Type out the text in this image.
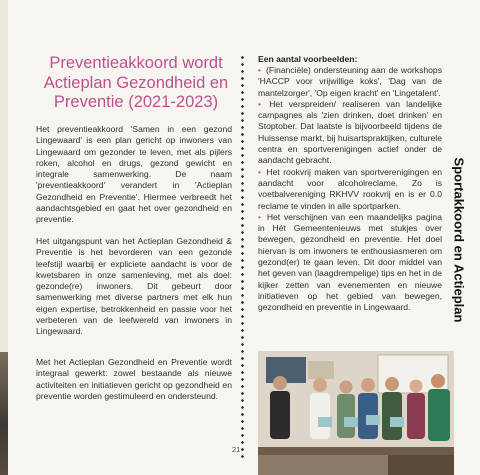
Preventieakkoord wordt Actieplan Gezondheid en Preventie (2021-2023)

Het preventieakkoord 'Samen in een gezond Lingewaard' is een plan gericht op inwoners van Lingewaard om gezonder te leven, met als pijlers roken, alcohol en drugs, gezond gewicht en integrale samenwerking. De naam 'preventieakkoord' verandert in 'Actieplan Gezondheid en Preventie'. Hiermee verbreedt het aandachtsgebied en gaat het over gezondheid en preventie.

Het uitgangspunt van het Actieplan Gezondheid & Preventie is het bevorderen van een gezonde leefstijl waarbij er expliciete aandacht is voor de kwetsbaren in onze samenleving, met als doel: gezonde(re) inwoners. Dit gebeurt door samenwerking met diverse partners met elk hun eigen expertise, betrokkenheid en passie voor het verbeteren van de leefwereld van inwoners in Lingewaard.

Met het Actieplan Gezondheid en Preventie wordt integraal gewerkt: zowel bestaande als nieuwe activiteiten en initiatieven gericht op gezondheid en preventie worden gestimuleerd en ondersteund.

Een aantal voorbeelden:

• (Financiële) ondersteuning aan de workshops 'HACCP voor vrijwillige koks', 'Dag van de mantelzorger', 'Op eigen kracht' en 'Lingetalent'.
• Het verspreiden/ realiseren van landelijke campagnes als 'zien drinken, doet drinken' en Stoptober. Dat laatste is bijvoorbeeld tijdens de Huissense markt, bij huisartspraktijken, culturele centra en sportverenigingen actief onder de aandacht gebracht.
• Het rookvrij maken van sportverenigingen en aandacht voor alcoholreclame. Zo is voetbalvereniging RKHVV rookvrij en is er 0.0 reclame te vinden in alle sportparken.
• Het verschijnen van een maandelijks pagina in Hét Gemeentenieuws met stukjes over bewegen, gezondheid en preventie. Het doel hiervan is om inwoners te enthousiasmeren om gezond(er) te gaan leven. Dit door middel van het geven van (laagdrempelige) tips en het in de kijker zetten van evenementen en nieuwe initiatieven op het gebied van bewegen, gezondheid en preventie in Lingewaard.	Sportakkoord en Actieplan
21
